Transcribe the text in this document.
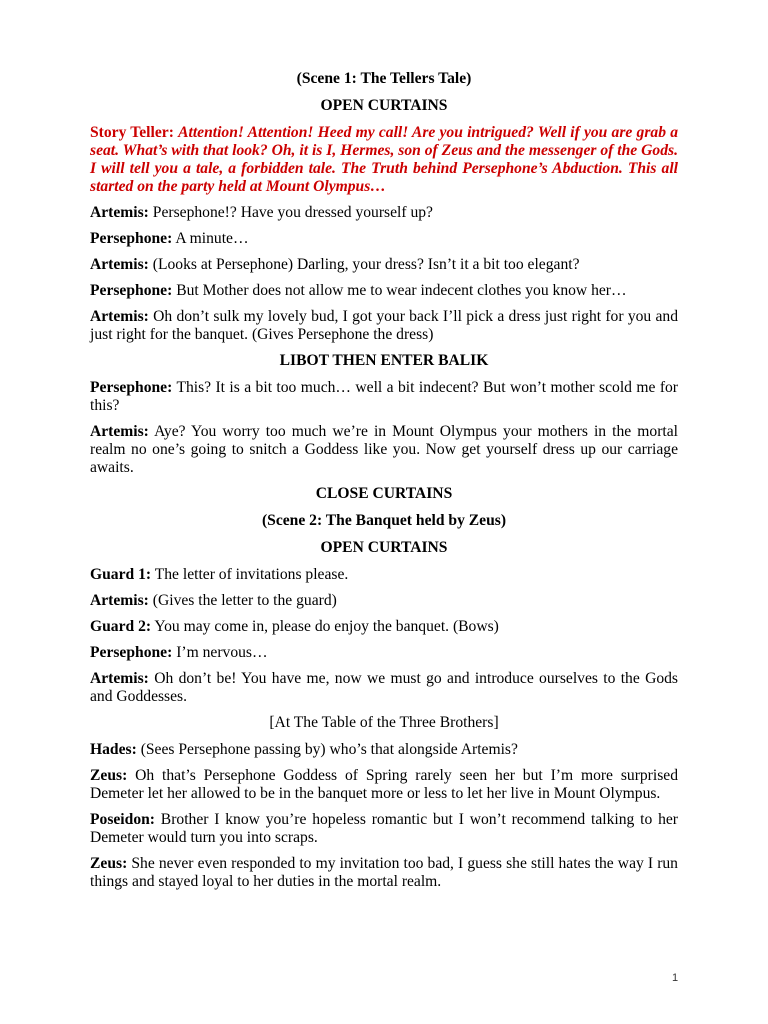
(Scene 1: The Tellers Tale)

OPEN CURTAINS

Story Teller: Attention! Attention! Heed my call! Are you intrigued? Well if you are grab a seat. What’s with that look? Oh, it is I, Hermes, son of Zeus and the messenger of the Gods. I will tell you a tale, a forbidden tale. The Truth behind Persephone’s Abduction. This all started on the party held at Mount Olympus…

Artemis: Persephone!? Have you dressed yourself up?

Persephone: A minute…

Artemis: (Looks at Persephone) Darling, your dress? Isn’t it a bit too elegant?

Persephone: But Mother does not allow me to wear indecent clothes you know her…

Artemis: Oh don’t sulk my lovely bud, I got your back I’ll pick a dress just right for you and just right for the banquet. (Gives Persephone the dress)

LIBOT THEN ENTER BALIK

Persephone: This? It is a bit too much… well a bit indecent? But won’t mother scold me for this?

Artemis: Aye? You worry too much we’re in Mount Olympus your mothers in the mortal realm no one’s going to snitch a Goddess like you. Now get yourself dress up our carriage awaits.

CLOSE CURTAINS

(Scene 2: The Banquet held by Zeus)

OPEN CURTAINS

Guard 1: The letter of invitations please.

Artemis: (Gives the letter to the guard)

Guard 2: You may come in, please do enjoy the banquet. (Bows)

Persephone: I’m nervous…

Artemis: Oh don’t be! You have me, now we must go and introduce ourselves to the Gods and Goddesses.

[At The Table of the Three Brothers]

Hades: (Sees Persephone passing by) who’s that alongside Artemis?

Zeus: Oh that’s Persephone Goddess of Spring rarely seen her but I’m more surprised Demeter let her allowed to be in the banquet more or less to let her live in Mount Olympus.

Poseidon: Brother I know you’re hopeless romantic but I won’t recommend talking to her Demeter would turn you into scraps.

Zeus: She never even responded to my invitation too bad, I guess she still hates the way I run things and stayed loyal to her duties in the mortal realm.

1
